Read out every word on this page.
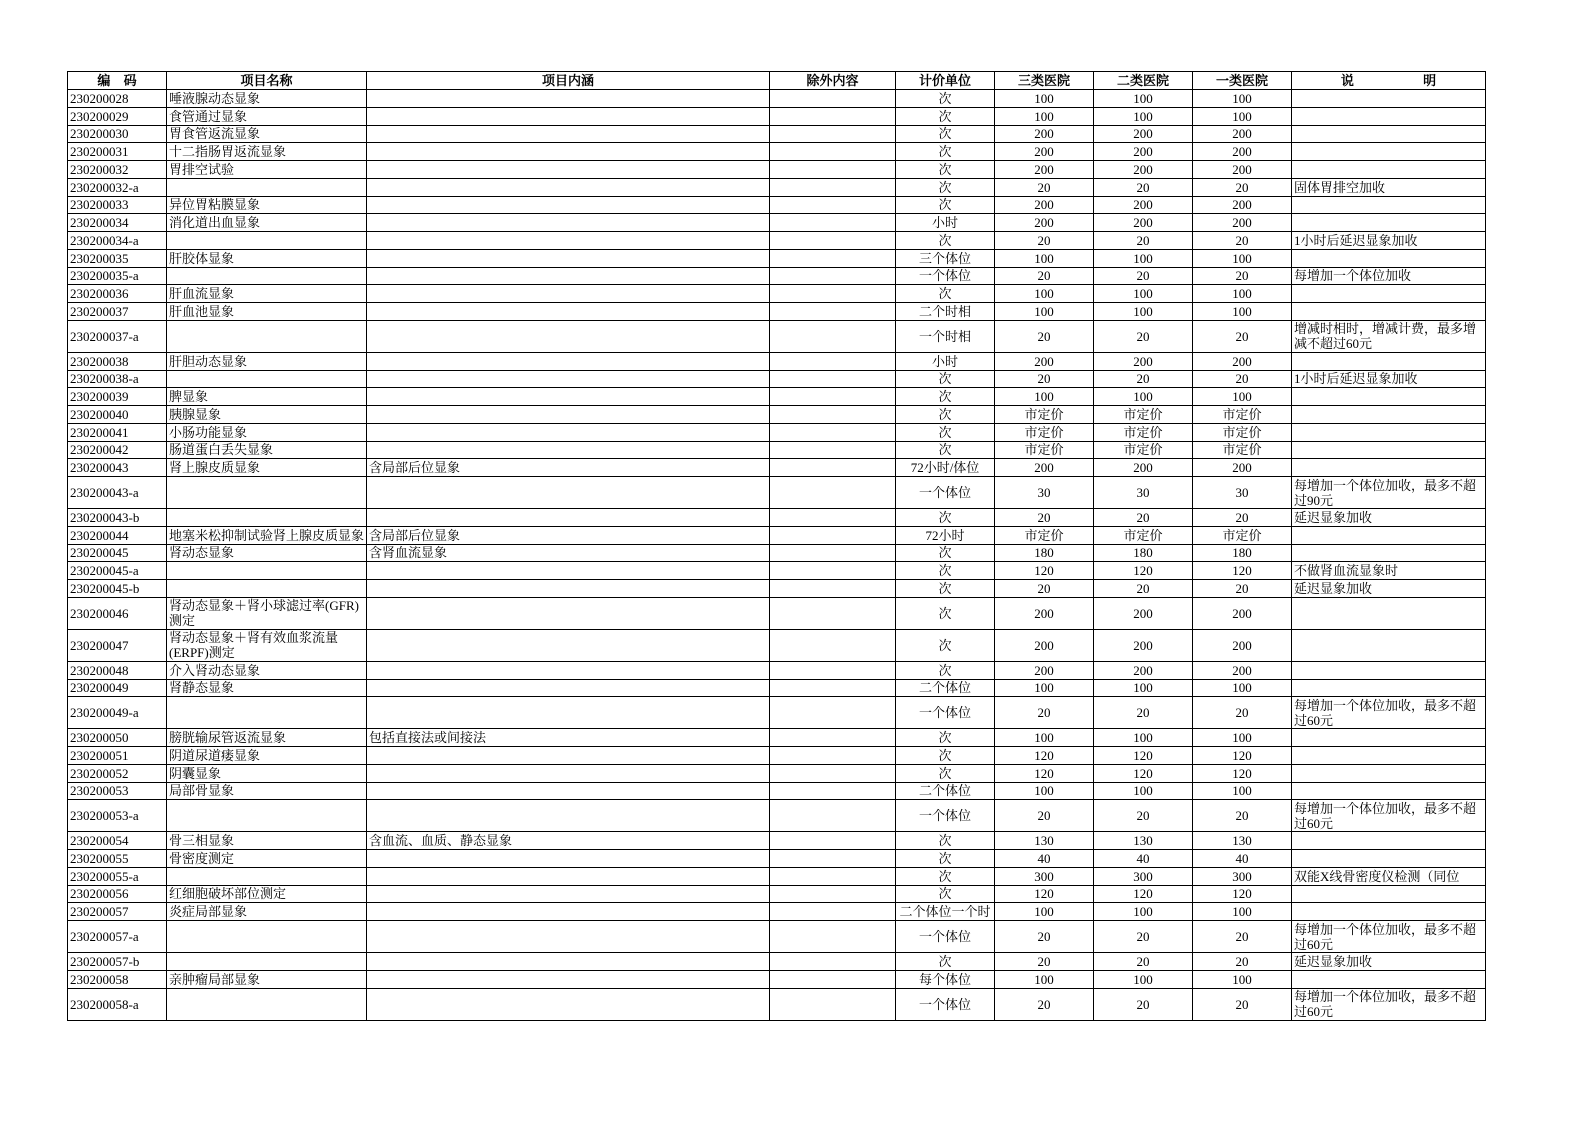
编 码	项目名称	项目内涵	除外内容	计价单位	三类医院	二类医院	一类医院	说 明
230200028	唾液腺动态显象			次	100	100	100	
230200029	食管通过显象			次	100	100	100	
230200030	胃食管返流显象			次	200	200	200	
230200031	十二指肠胃返流显象			次	200	200	200	
230200032	胃排空试验			次	200	200	200	
230200032-a				次	20	20	20	固体胃排空加收
230200033	异位胃粘膜显象			次	200	200	200	
230200034	消化道出血显象			小时	200	200	200	
230200034-a				次	20	20	20	1小时后延迟显象加收
230200035	肝胶体显象			三个体位	100	100	100	
230200035-a				一个体位	20	20	20	每增加一个体位加收
230200036	肝血流显象			次	100	100	100	
230200037	肝血池显象			二个时相	100	100	100	
230200037-a				一个时相	20	20	20	增减时相时，增减计费，最多增减不超过60元
230200038	肝胆动态显象			小时	200	200	200	
230200038-a				次	20	20	20	1小时后延迟显象加收
230200039	脾显象			次	100	100	100	
230200040	胰腺显象			次	市定价	市定价	市定价	
230200041	小肠功能显象			次	市定价	市定价	市定价	
230200042	肠道蛋白丢失显象			次	市定价	市定价	市定价	
230200043	肾上腺皮质显象	含局部后位显象		72小时/体位	200	200	200	
230200043-a				一个体位	30	30	30	每增加一个体位加收，最多不超过90元
230200043-b				次	20	20	20	延迟显象加收
230200044	地塞米松抑制试验肾上腺皮质显象	含局部后位显象		72小时	市定价	市定价	市定价	
230200045	肾动态显象	含肾血流显象		次	180	180	180	
230200045-a				次	120	120	120	不做肾血流显象时
230200045-b				次	20	20	20	延迟显象加收
230200046	肾动态显象＋肾小球滤过率(GFR)测定			次	200	200	200	
230200047	肾动态显象＋肾有效血浆流量(ERPF)测定			次	200	200	200	
230200048	介入肾动态显象			次	200	200	200	
230200049	肾静态显象			二个体位	100	100	100	
230200049-a				一个体位	20	20	20	每增加一个体位加收，最多不超过60元
230200050	膀胱输尿管返流显象	包括直接法或间接法		次	100	100	100	
230200051	阴道尿道瘘显象			次	120	120	120	
230200052	阴囊显象			次	120	120	120	
230200053	局部骨显象			二个体位	100	100	100	
230200053-a				一个体位	20	20	20	每增加一个体位加收，最多不超过60元
230200054	骨三相显象	含血流、血质、静态显象		次	130	130	130	
230200055	骨密度测定			次	40	40	40	
230200055-a				次	300	300	300	双能X线骨密度仪检测（同位
230200056	红细胞破坏部位测定			次	120	120	120	
230200057	炎症局部显象			二个体位一个时	100	100	100	
230200057-a				一个体位	20	20	20	每增加一个体位加收，最多不超过60元
230200057-b				次	20	20	20	延迟显象加收
230200058	亲肿瘤局部显象			每个体位	100	100	100	
230200058-a				一个体位	20	20	20	每增加一个体位加收，最多不超过60元
